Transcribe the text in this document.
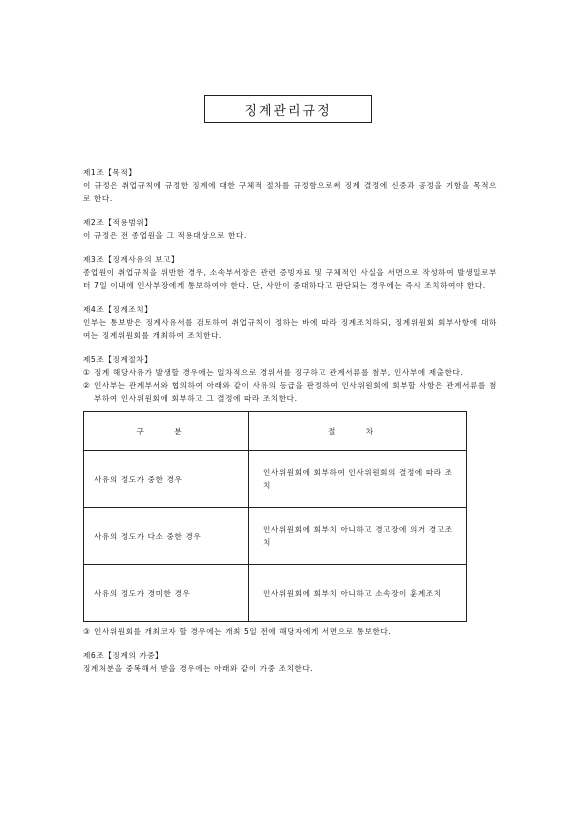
징계관리규정

제1조【목적】

이 규정은 취업규칙에 규정한 징계에 대한 구체적 절차를 규정함으로써 징계 결정에 신중과 공정을 기함을 목적으로 한다.

제2조【적용범위】

이 규정은 전 종업원을 그 적용대상으로 한다.

제3조【징계사유의 보고】

종업원이 취업규칙을 위반한 경우, 소속부서장은 관련 증빙자료 및 구체적인 사실을 서면으로 작성하여 발생일로부터 7일 이내에 인사부장에게 통보하여야 한다. 단, 사안이 중대하다고 판단되는 경우에는 즉시 조치하여야 한다.

제4조【징계조치】

인부는 통보받은 징계사유서를 검토하여 취업규칙이 정하는 바에 따라 징계조치하되, 징계위원회 회부사항에 대하여는 징계위원회를 개최하여 조치한다.

제5조【징계절차】

① 징계 해당사유가 발생할 경우에는 일차적으로 경위서를 징구하고 관계서류를 첨부, 인사부에 제출한다.
② 인사부는 관계부서와 협의하여 아래와 같이 사유의 등급을 판정하여 인사위원회에 회부할 사항은 관계서류를 첨부하여 인사위원회에 회부하고 그 결정에 따라 조치한다.
구 분	절 차
사유의 정도가 중한 경우	인사위원회에 회부하여 인사위원회의 결정에 따라 조치
사유의 정도가 다소 중한 경우	인사위원회에 회부치 아니하고 경고장에 의거 경고조치
사유의 정도가 경미한 경우	인사위원회에 회부치 아니하고 소속장이 훈계조치
③ 인사위원회를 개최코자 할 경우에는 개최 5일 전에 해당자에게 서면으로 통보한다.

제6조【징계의 가중】

징계처분을 중복해서 받을 경우에는 아래와 같이 가중 조치한다.
